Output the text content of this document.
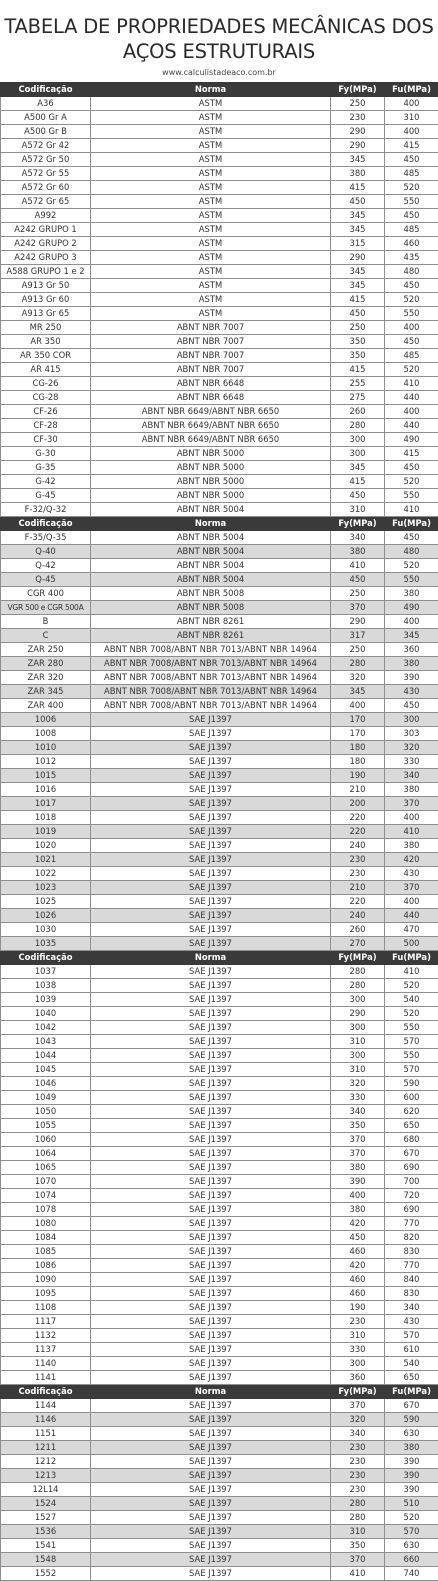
TABELA DE PROPRIEDADES MECÂNICAS DOS
AÇOS ESTRUTURAIS
www.calculistadeaco.com.br
Codificação	Norma	Fy(MPa)	Fu(MPa)
A36	ASTM	250	400
A500 Gr A	ASTM	230	310
A500 Gr B	ASTM	290	400
A572 Gr 42	ASTM	290	415
A572 Gr 50	ASTM	345	450
A572 Gr 55	ASTM	380	485
A572 Gr 60	ASTM	415	520
A572 Gr 65	ASTM	450	550
A992	ASTM	345	450
A242 GRUPO 1	ASTM	345	485
A242 GRUPO 2	ASTM	315	460
A242 GRUPO 3	ASTM	290	435
A588 GRUPO 1 e 2	ASTM	345	480
A913 Gr 50	ASTM	345	450
A913 Gr 60	ASTM	415	520
A913 Gr 65	ASTM	450	550
MR 250	ABNT NBR 7007	250	400
AR 350	ABNT NBR 7007	350	450
AR 350 COR	ABNT NBR 7007	350	485
AR 415	ABNT NBR 7007	415	520
CG-26	ABNT NBR 6648	255	410
CG-28	ABNT NBR 6648	275	440
CF-26	ABNT NBR 6649/ABNT NBR 6650	260	400
CF-28	ABNT NBR 6649/ABNT NBR 6650	280	440
CF-30	ABNT NBR 6649/ABNT NBR 6650	300	490
G-30	ABNT NBR 5000	300	415
G-35	ABNT NBR 5000	345	450
G-42	ABNT NBR 5000	415	520
G-45	ABNT NBR 5000	450	550
F-32/Q-32	ABNT NBR 5004	310	410
Codificação	Norma	Fy(MPa)	Fu(MPa)
F-35/Q-35	ABNT NBR 5004	340	450
Q-40	ABNT NBR 5004	380	480
Q-42	ABNT NBR 5004	410	520
Q-45	ABNT NBR 5004	450	550
CGR 400	ABNT NBR 5008	250	380
VGR 500 e CGR 500A	ABNT NBR 5008	370	490
B	ABNT NBR 8261	290	400
C	ABNT NBR 8261	317	345
ZAR 250	ABNT NBR 7008/ABNT NBR 7013/ABNT NBR 14964	250	360
ZAR 280	ABNT NBR 7008/ABNT NBR 7013/ABNT NBR 14964	280	380
ZAR 320	ABNT NBR 7008/ABNT NBR 7013/ABNT NBR 14964	320	390
ZAR 345	ABNT NBR 7008/ABNT NBR 7013/ABNT NBR 14964	345	430
ZAR 400	ABNT NBR 7008/ABNT NBR 7013/ABNT NBR 14964	400	450
1006	SAE J1397	170	300
1008	SAE J1397	170	303
1010	SAE J1397	180	320
1012	SAE J1397	180	330
1015	SAE J1397	190	340
1016	SAE J1397	210	380
1017	SAE J1397	200	370
1018	SAE J1397	220	400
1019	SAE J1397	220	410
1020	SAE J1397	240	380
1021	SAE J1397	230	420
1022	SAE J1397	230	430
1023	SAE J1397	210	370
1025	SAE J1397	220	400
1026	SAE J1397	240	440
1030	SAE J1397	260	470
1035	SAE J1397	270	500
Codificação	Norma	Fy(MPa)	Fu(MPa)
1037	SAE J1397	280	410
1038	SAE J1397	280	520
1039	SAE J1397	300	540
1040	SAE J1397	290	520
1042	SAE J1397	300	550
1043	SAE J1397	310	570
1044	SAE J1397	300	550
1045	SAE J1397	310	570
1046	SAE J1397	320	590
1049	SAE J1397	330	600
1050	SAE J1397	340	620
1055	SAE J1397	350	650
1060	SAE J1397	370	680
1064	SAE J1397	370	670
1065	SAE J1397	380	690
1070	SAE J1397	390	700
1074	SAE J1397	400	720
1078	SAE J1397	380	690
1080	SAE J1397	420	770
1084	SAE J1397	450	820
1085	SAE J1397	460	830
1086	SAE J1397	420	770
1090	SAE J1397	460	840
1095	SAE J1397	460	830
1108	SAE J1397	190	340
1117	SAE J1397	230	430
1132	SAE J1397	310	570
1137	SAE J1397	330	610
1140	SAE J1397	300	540
1141	SAE J1397	360	650
Codificação	Norma	Fy(MPa)	Fu(MPa)
1144	SAE J1397	370	670
1146	SAE J1397	320	590
1151	SAE J1397	340	630
1211	SAE J1397	230	380
1212	SAE J1397	230	390
1213	SAE J1397	230	390
12L14	SAE J1397	230	390
1524	SAE J1397	280	510
1527	SAE J1397	280	520
1536	SAE J1397	310	570
1541	SAE J1397	350	630
1548	SAE J1397	370	660
1552	SAE J1397	410	740
